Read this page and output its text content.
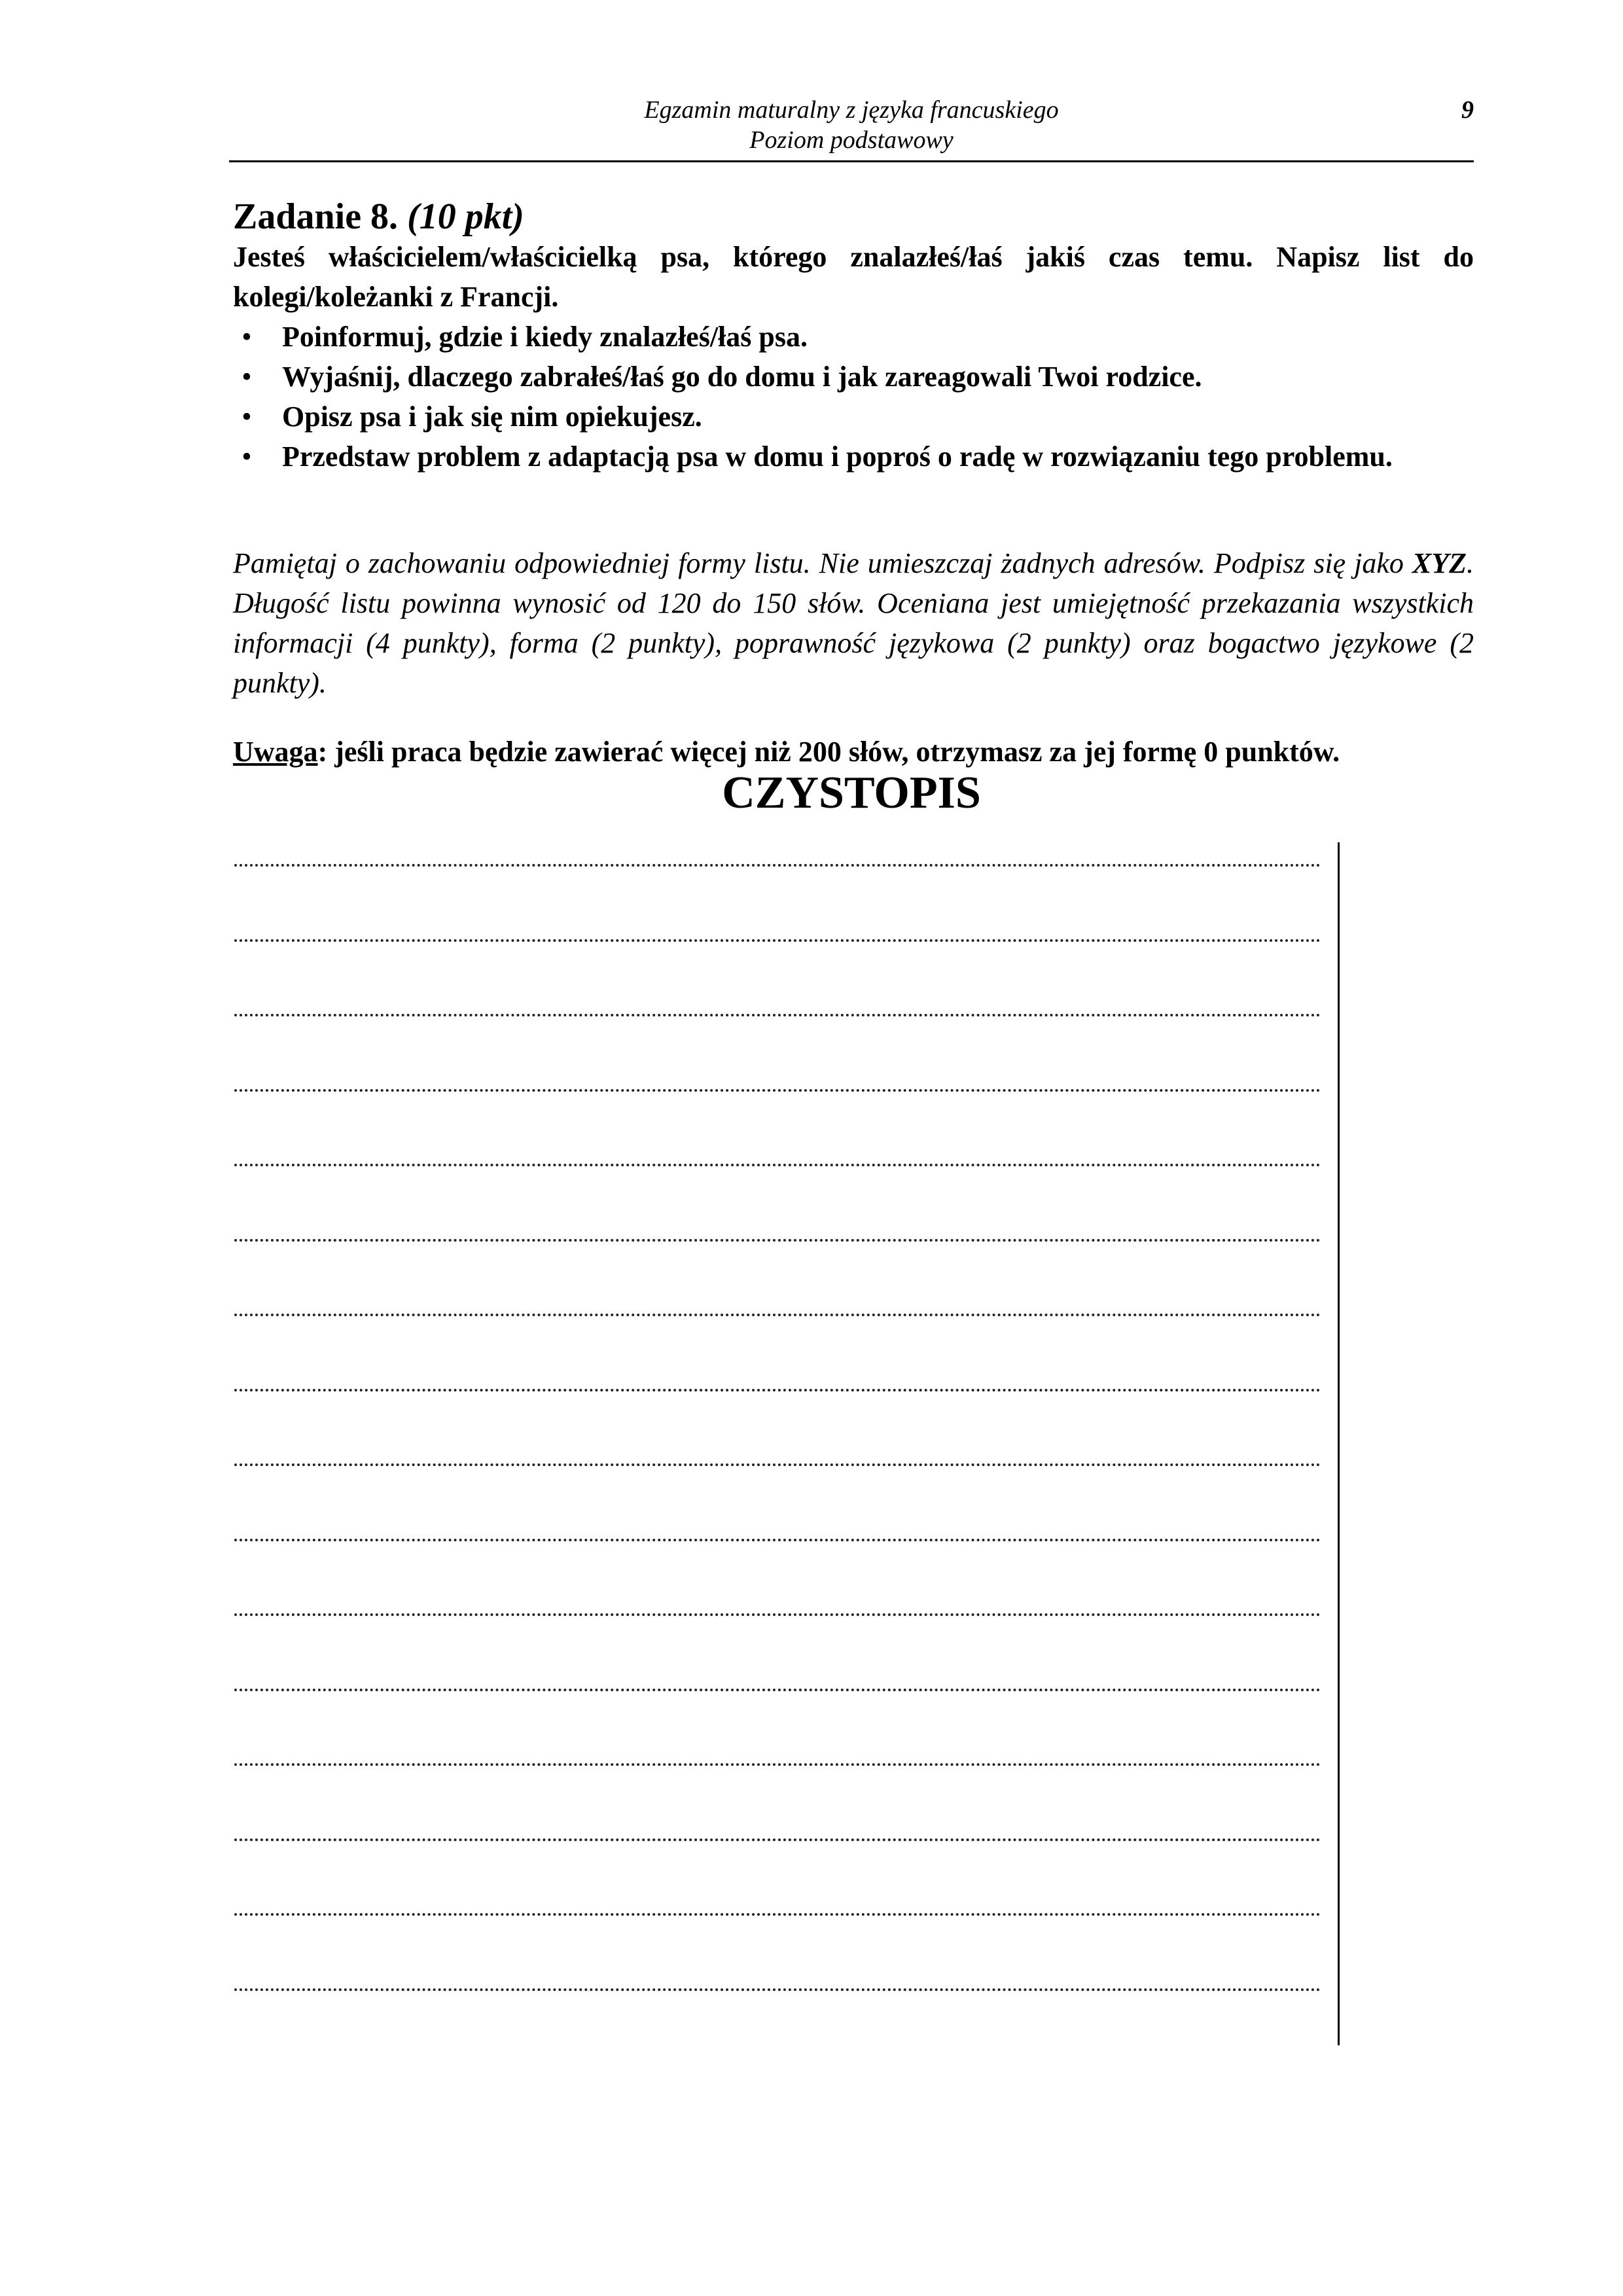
Egzamin maturalny z języka francuskiego
Poziom podstawowy
9
Zadanie 8. (10 pkt)
Jesteś właścicielem/właścicielką psa, którego znalazłeś/łaś jakiś czas temu. Napisz list do kolegi/koleżanki z Francji.
• Poinformuj, gdzie i kiedy znalazłeś/łaś psa.
• Wyjaśnij, dlaczego zabrałeś/łaś go do domu i jak zareagowali Twoi rodzice.
• Opisz psa i jak się nim opiekujesz.
• Przedstaw problem z adaptacją psa w domu i poproś o radę w rozwiązaniu tego problemu.
Pamiętaj o zachowaniu odpowiedniej formy listu. Nie umieszczaj żadnych adresów. Podpisz się jako XYZ. Długość listu powinna wynosić od 120 do 150 słów. Oceniana jest umiejętność przekazania wszystkich informacji (4 punkty), forma (2 punkty), poprawność językowa (2 punkty) oraz bogactwo językowe (2 punkty).
Uwaga: jeśli praca będzie zawierać więcej niż 200 słów, otrzymasz za jej formę 0 punktów.
CZYSTOPIS
